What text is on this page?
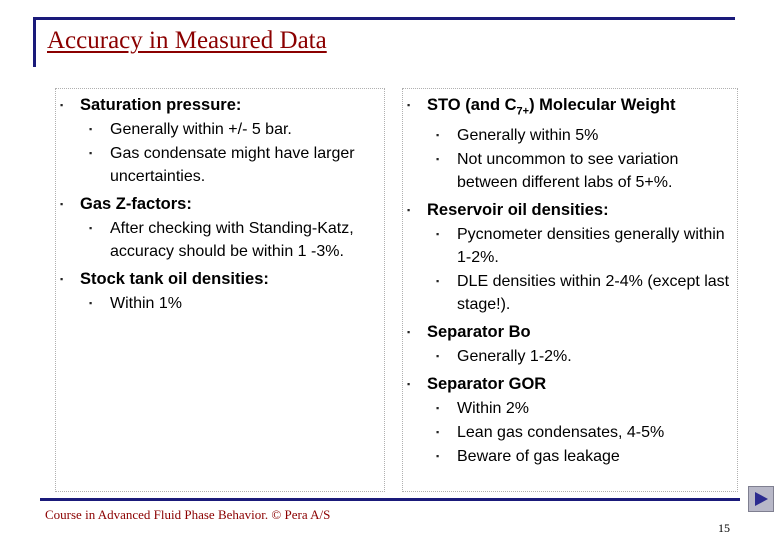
Accuracy in Measured Data
▪ Saturation pressure:
▪ Generally within +/- 5 bar.
▪ Gas condensate might have larger uncertainties.
▪ Gas Z-factors:
▪ After checking with Standing-Katz, accuracy should be within 1 -3%.
▪ Stock tank oil densities:
▪ Within 1%
▪ STO (and $C_{7+}$) Molecular Weight
▪ Generally within 5%
▪ Not uncommon to see variation between different labs of 5+%.
▪ Reservoir oil densities:
▪ Pycnometer densities generally within 1-2%.
▪ DLE densities within 2-4% (except last stage!).
▪ Separator Bo
▪ Generally 1-2%.
▪ Separator GOR
▪ Within 2%
▪ Lean gas condensates, 4-5%
▪ Beware of gas leakage
Course in Advanced Fluid Phase Behavior. © Pera A/S
15
